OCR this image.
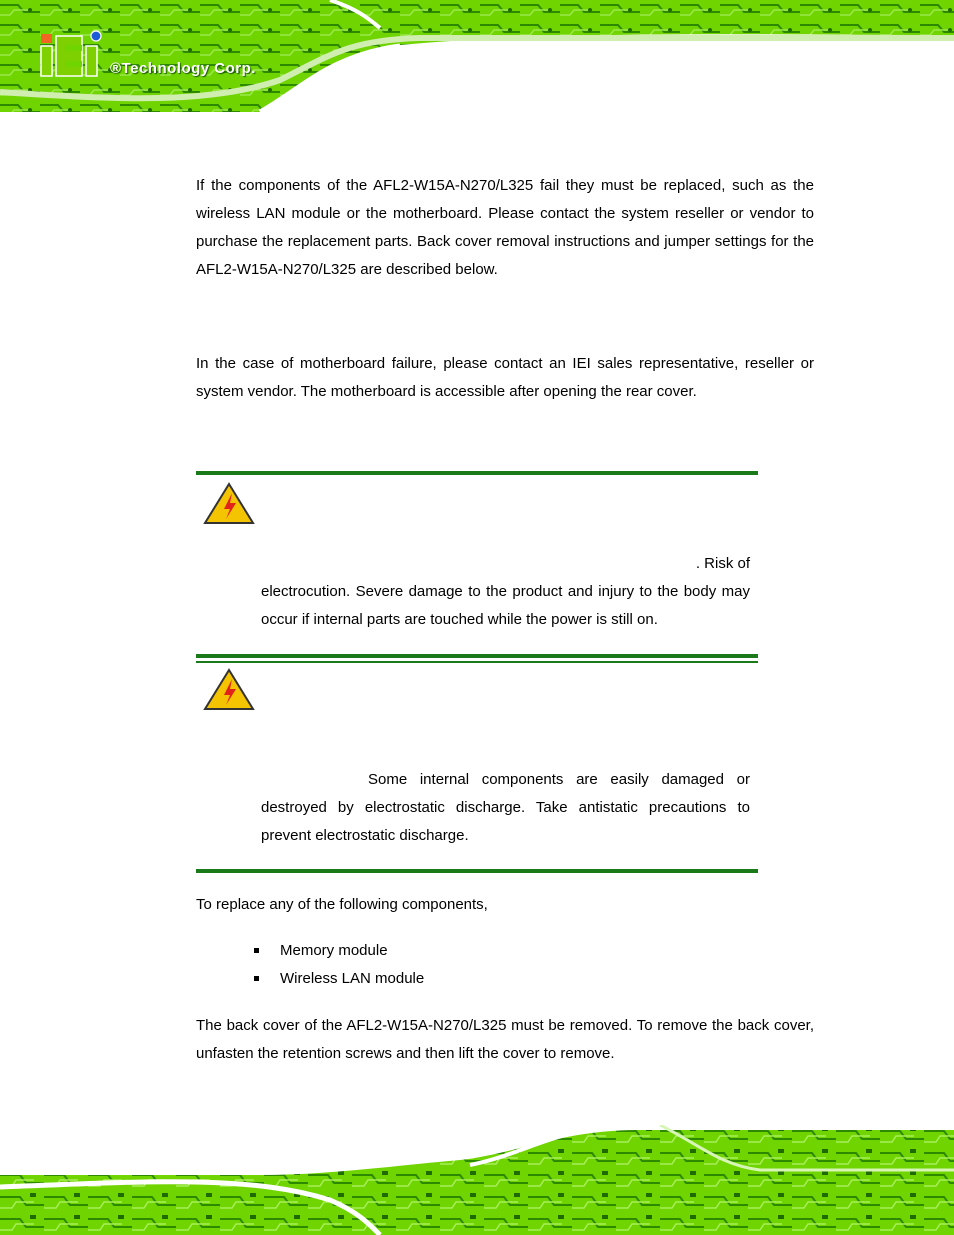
®Technology Corp.

If the components of the AFL2-W15A-N270/L325 fail they must be replaced, such as the wireless LAN module or the motherboard. Please contact the system reseller or vendor to purchase the replacement parts. Back cover removal instructions and jumper settings for the AFL2-W15A-N270/L325 are described below.

In the case of motherboard failure, please contact an IEI sales representative, reseller or system vendor. The motherboard is accessible after opening the rear cover.

. Risk of

electrocution. Severe damage to the product and injury to the body may occur if internal parts are touched while the power is still on.

Some internal components are easily damaged or destroyed by electrostatic discharge. Take antistatic precautions to prevent electrostatic discharge.

To replace any of the following components,

Memory module
Wireless LAN module

The back cover of the AFL2-W15A-N270/L325 must be removed. To remove the back cover, unfasten the retention screws and then lift the cover to remove.
